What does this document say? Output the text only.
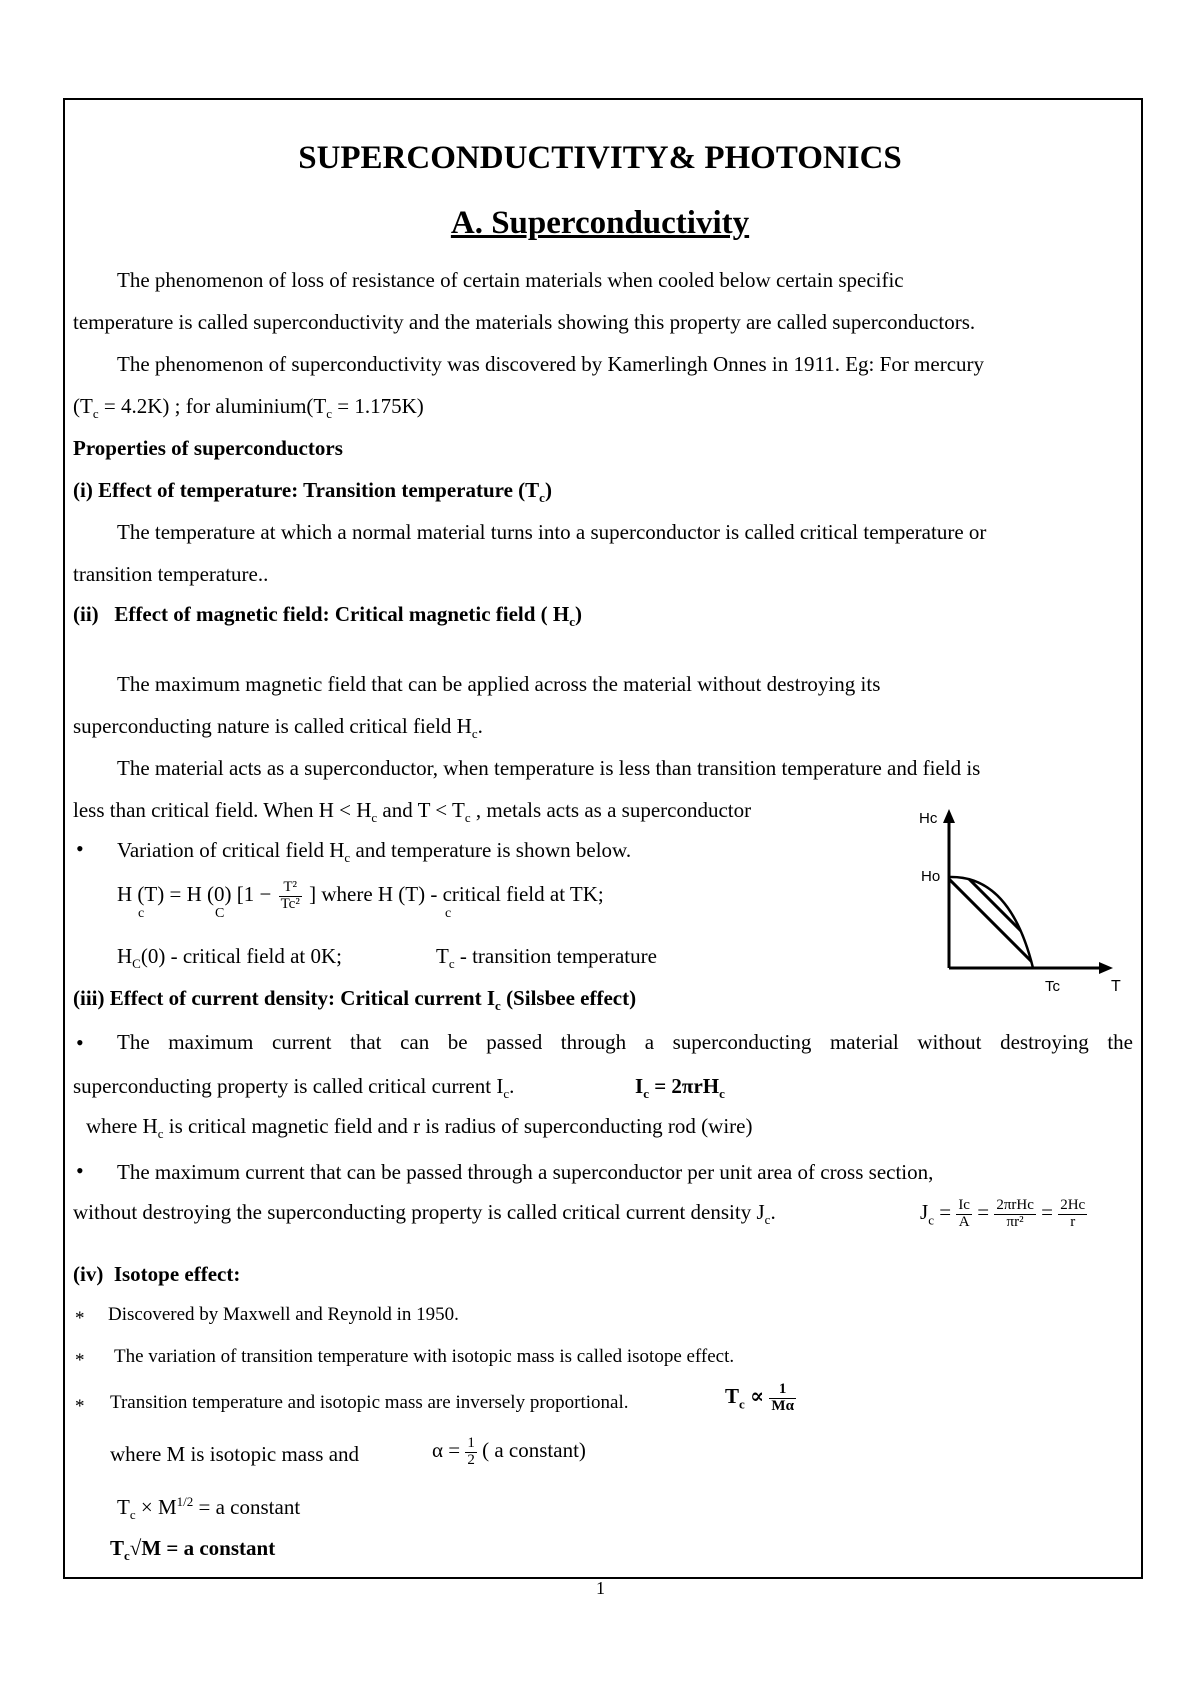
SUPERCONDUCTIVITY& PHOTONICS
A. Superconductivity
The phenomenon of loss of resistance of certain materials when cooled below certain specific
temperature is called superconductivity and the materials showing this property are called superconductors.
The phenomenon of superconductivity was discovered by Kamerlingh Onnes in 1911. Eg: For mercury
$(T_c = 4.2K)$ ; for $aluminium(T_c = 1.175K)$
Properties of superconductors
(i) Effect of temperature: Transition temperature $(T_c)$
The temperature at which a normal material turns into a superconductor is called critical temperature or
transition temperature..
(ii) Effect of magnetic field: Critical magnetic field ( $H_c$)
The maximum magnetic field that can be applied across the material without destroying its
superconducting nature is called critical field $H_c$.
The material acts as a superconductor, when temperature is less than transition temperature and field is
less than critical field. When $H < H_c$ and $T < T_c$ , metals acts as a superconductor
• Variation of critical field $H_c$ and temperature is shown below.
H (T) = H (0) [$1 - \frac{\text{T²}}{\text{Tc²}}$ ] where H (T) - critical field at TK;
c	C	c
$H_C(0)$ - critical field at 0K;	$T_c$ - transition temperature
Hc
Ho
Tc	T
(iii) Effect of current density: Critical current $I_c$ (Silsbee effect)
• The maximum current that can be passed through a superconducting material without destroying the
superconducting property is called critical current $I_c$.	$I_c = 2\pi rH_c$
where $H_c$ is critical magnetic field and r is radius of superconducting rod (wire)
• The maximum current that can be passed through a superconductor per unit area of cross section,
without destroying the superconducting property is called critical current density $J_c$.	$J_c = \frac{Ic}{A} = 2\pi rHc$
$\pi r^2 = \frac{2Hc}{r}$
(iv) Isotope effect:
* Discovered by Maxwell and Reynold in 1950.
* The variation of transition temperature with isotopic mass is called isotope effect.
* Transition temperature and isotopic mass are inversely proportional.	$T_c \propto \frac{1}{M\alpha}$
where M is isotopic mass and	$\alpha = \frac{1}{2}$ ( a constant)
$T_c \times M^{1/2} = a$ constant
$T_c√M = a$ constant
1
